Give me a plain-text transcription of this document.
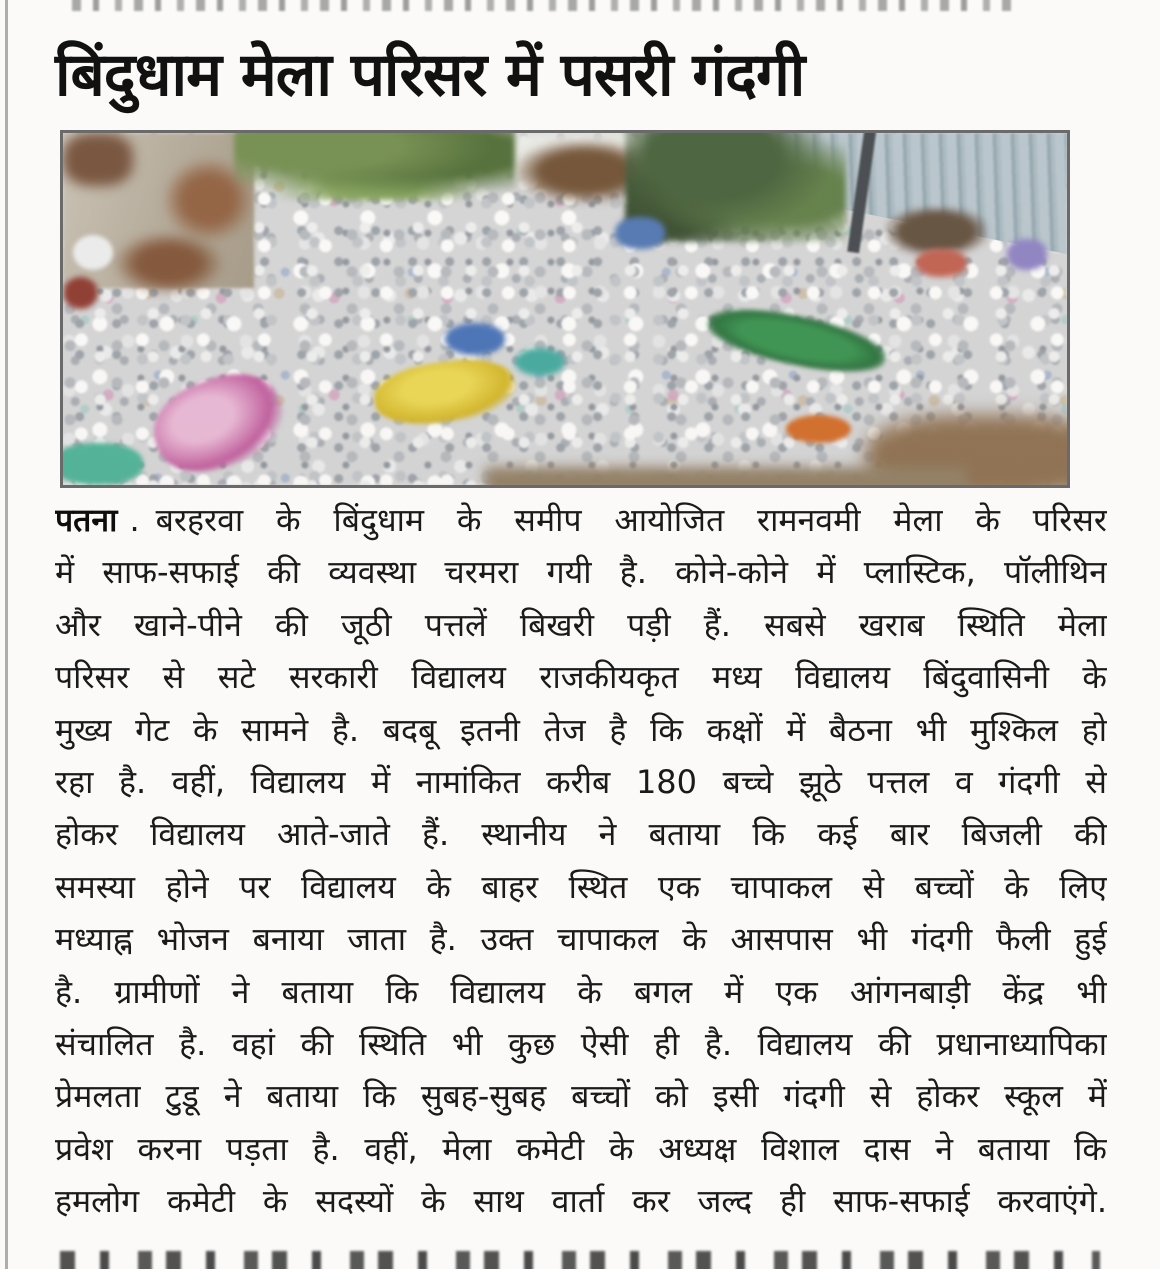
बिंदुधाम मेला परिसर में पसरी गंदगी
पतना . बरहरवा के बिंदुधाम के समीप आयोजित रामनवमी मेला के परिसर
में साफ-सफाई की व्यवस्था चरमरा गयी है. कोने-कोने में प्लास्टिक, पॉलीथिन
और खाने-पीने की जूठी पत्तलें बिखरी पड़ी हैं. सबसे खराब स्थिति मेला
परिसर से सटे सरकारी विद्यालय राजकीयकृत मध्य विद्यालय बिंदुवासिनी के
मुख्य गेट के सामने है. बदबू इतनी तेज है कि कक्षों में बैठना भी मुश्किल हो
रहा है. वहीं, विद्यालय में नामांकित करीब 180 बच्चे झूठे पत्तल व गंदगी से
होकर विद्यालय आते-जाते हैं. स्थानीय ने बताया कि कई बार बिजली की
समस्या होने पर विद्यालय के बाहर स्थित एक चापाकल से बच्चों के लिए
मध्याह्न भोजन बनाया जाता है. उक्त चापाकल के आसपास भी गंदगी फैली हुई
है. ग्रामीणों ने बताया कि विद्यालय के बगल में एक आंगनबाड़ी केंद्र भी
संचालित है. वहां की स्थिति भी कुछ ऐसी ही है. विद्यालय की प्रधानाध्यापिका
प्रेमलता टुडू ने बताया कि सुबह-सुबह बच्चों को इसी गंदगी से होकर स्कूल में
प्रवेश करना पड़ता है. वहीं, मेला कमेटी के अध्यक्ष विशाल दास ने बताया कि
हमलोग कमेटी के सदस्यों के साथ वार्ता कर जल्द ही साफ-सफाई करवाएंगे.
